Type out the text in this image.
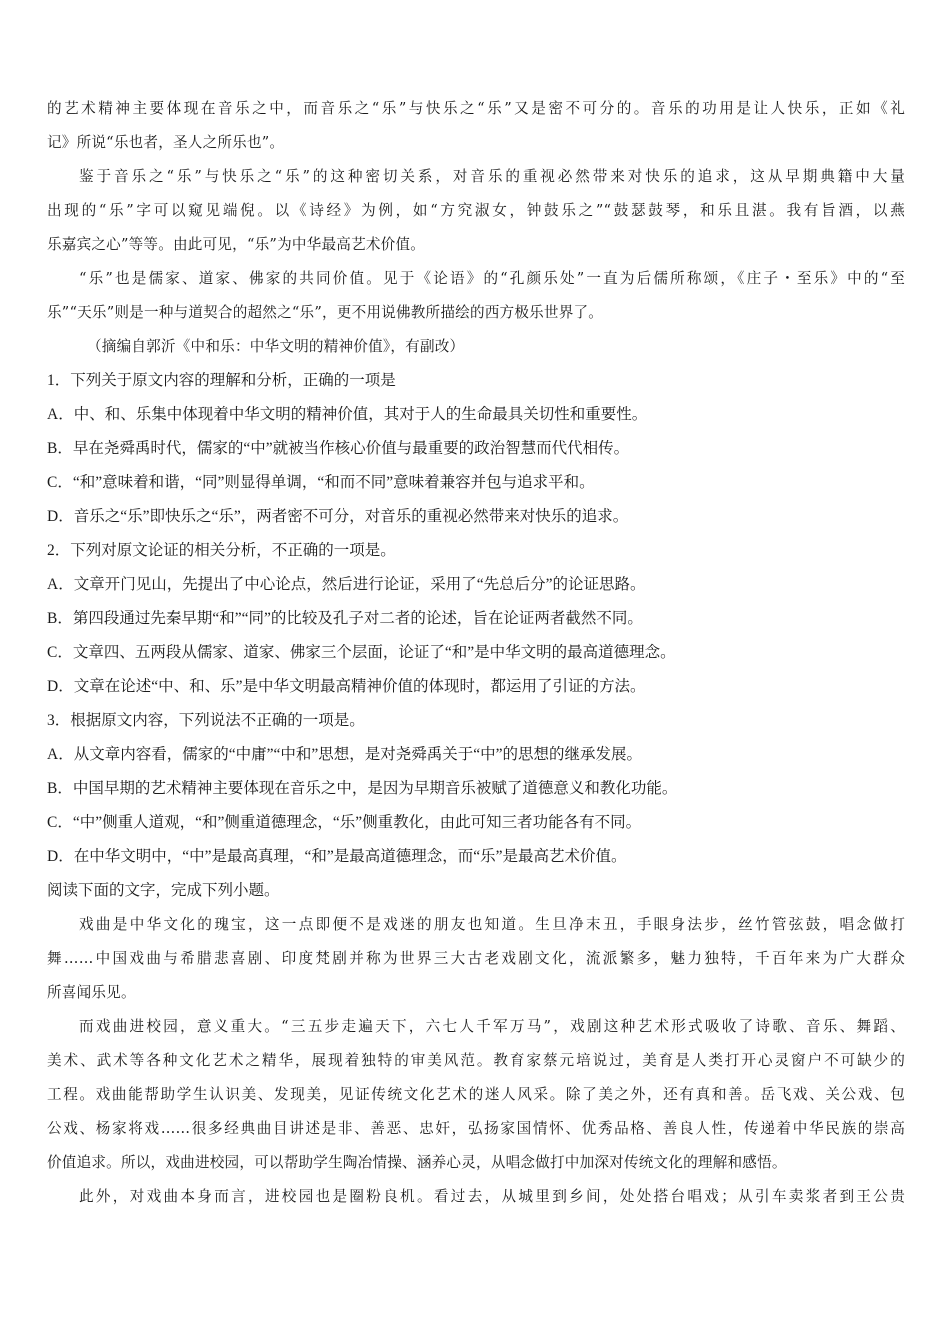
的艺术精神主要体现在音乐之中，而音乐之“乐”与快乐之“乐”又是密不可分的。音乐的功用是让人快乐，正如《礼
记》所说“乐也者，圣人之所乐也”。
鉴于音乐之“乐”与快乐之“乐”的这种密切关系，对音乐的重视必然带来对快乐的追求，这从早期典籍中大量
出现的“乐”字可以窥见端倪。以《诗经》为例，如“方究淑女，钟鼓乐之”“鼓瑟鼓琴，和乐且湛。我有旨酒，以燕
乐嘉宾之心”等等。由此可见，“乐”为中华最高艺术价值。
“乐”也是儒家、道家、佛家的共同价值。见于《论语》的“孔颜乐处”一直为后儒所称颂，《庄子・至乐》中的“至
乐”“天乐”则是一种与道契合的超然之“乐”，更不用说佛教所描绘的西方极乐世界了。
（摘编自郭沂《中和乐：中华文明的精神价值》，有副改）
1．下列关于原文内容的理解和分析，正确的一项是
A．中、和、乐集中体现着中华文明的精神价值，其对于人的生命最具关切性和重要性。
B．早在尧舜禹时代，儒家的“中”就被当作核心价值与最重要的政治智慧而代代相传。
C．“和”意味着和谐，“同”则显得单调，“和而不同”意味着兼容并包与追求平和。
D．音乐之“乐”即快乐之“乐”，两者密不可分，对音乐的重视必然带来对快乐的追求。
2．下列对原文论证的相关分析，不正确的一项是。
A．文章开门见山，先提出了中心论点，然后进行论证，采用了“先总后分”的论证思路。
B．第四段通过先秦早期“和”“同”的比较及孔子对二者的论述，旨在论证两者截然不同。
C．文章四、五两段从儒家、道家、佛家三个层面，论证了“和”是中华文明的最高道德理念。
D．文章在论述“中、和、乐”是中华文明最高精神价值的体现时，都运用了引证的方法。
3．根据原文内容，下列说法不正确的一项是。
A．从文章内容看，儒家的“中庸”“中和”思想，是对尧舜禹关于“中”的思想的继承发展。
B．中国早期的艺术精神主要体现在音乐之中，是因为早期音乐被赋了道德意义和教化功能。
C．“中”侧重人道观，“和”侧重道德理念，“乐”侧重教化，由此可知三者功能各有不同。
D．在中华文明中，“中”是最高真理，“和”是最高道德理念，而“乐”是最高艺术价值。
阅读下面的文字，完成下列小题。
戏曲是中华文化的瑰宝，这一点即便不是戏迷的朋友也知道。生旦净末丑，手眼身法步，丝竹管弦鼓，唱念做打
舞……中国戏曲与希腊悲喜剧、印度梵剧并称为世界三大古老戏剧文化，流派繁多，魅力独特，千百年来为广大群众
所喜闻乐见。
而戏曲进校园，意义重大。“三五步走遍天下，六七人千军万马”，戏剧这种艺术形式吸收了诗歌、音乐、舞蹈、
美术、武术等各种文化艺术之精华，展现着独特的审美风范。教育家蔡元培说过，美育是人类打开心灵窗户不可缺少的
工程。戏曲能帮助学生认识美、发现美，见证传统文化艺术的迷人风采。除了美之外，还有真和善。岳飞戏、关公戏、包
公戏、杨家将戏……很多经典曲目讲述是非、善恶、忠奸，弘扬家国情怀、优秀品格、善良人性，传递着中华民族的崇高
价值追求。所以，戏曲进校园，可以帮助学生陶冶情操、涵养心灵，从唱念做打中加深对传统文化的理解和感悟。
此外，对戏曲本身而言，进校园也是圈粉良机。看过去，从城里到乡间，处处搭台唱戏；从引车卖浆者到王公贵
